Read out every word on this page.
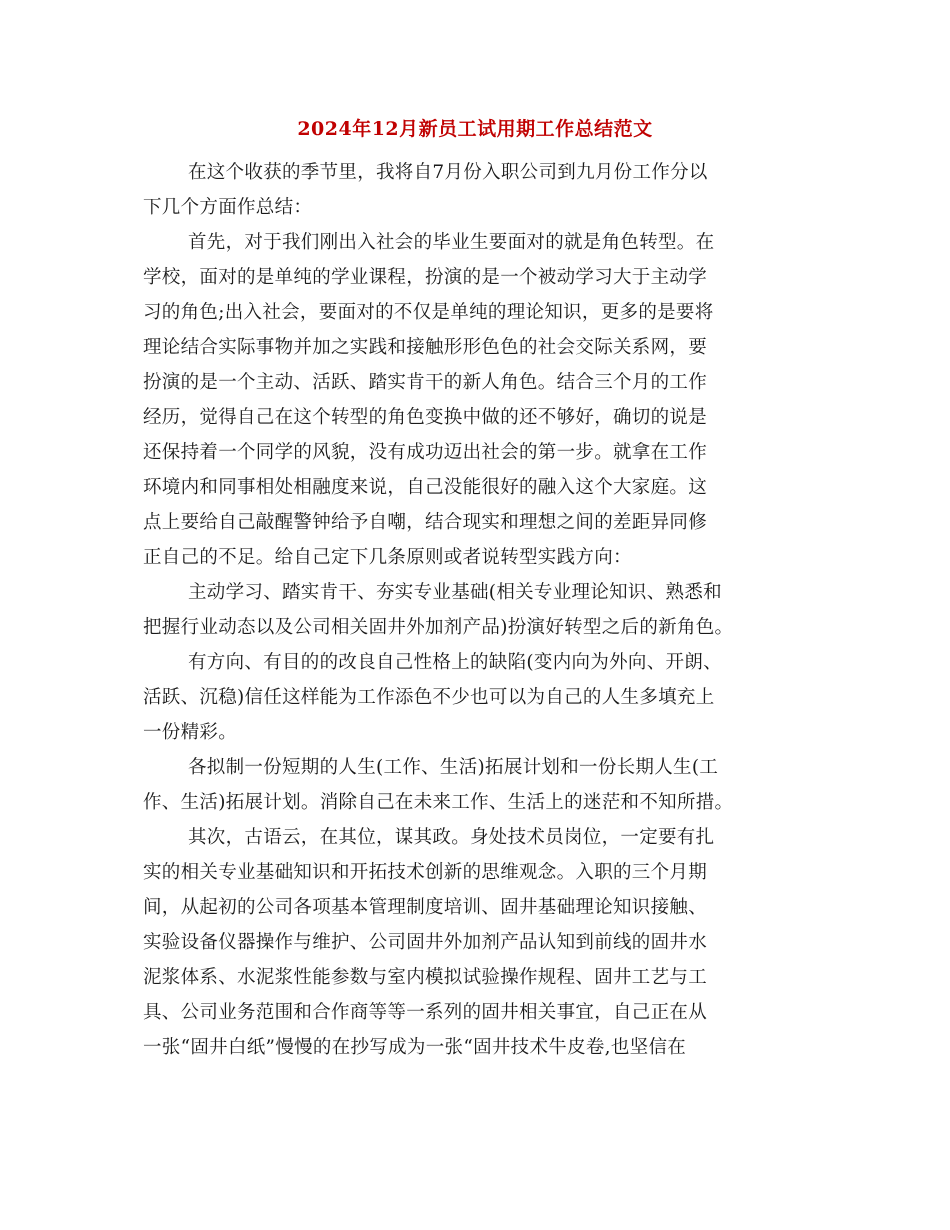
2024年12月新员工试用期工作总结范文
在这个收获的季节里，我将自7月份入职公司到九月份工作分以
下几个方面作总结：
首先，对于我们刚出入社会的毕业生要面对的就是角色转型。在
学校，面对的是单纯的学业课程，扮演的是一个被动学习大于主动学
习的角色;出入社会，要面对的不仅是单纯的理论知识，更多的是要将
理论结合实际事物并加之实践和接触形形色色的社会交际关系网，要
扮演的是一个主动、活跃、踏实肯干的新人角色。结合三个月的工作
经历，觉得自己在这个转型的角色变换中做的还不够好，确切的说是
还保持着一个同学的风貌，没有成功迈出社会的第一步。就拿在工作
环境内和同事相处相融度来说，自己没能很好的融入这个大家庭。这
点上要给自己敲醒警钟给予自嘲，结合现实和理想之间的差距异同修
正自己的不足。给自己定下几条原则或者说转型实践方向：
主动学习、踏实肯干、夯实专业基础(相关专业理论知识、熟悉和
把握行业动态以及公司相关固井外加剂产品)扮演好转型之后的新角色。
有方向、有目的的改良自己性格上的缺陷(变内向为外向、开朗、
活跃、沉稳)信任这样能为工作添色不少也可以为自己的人生多填充上
一份精彩。
各拟制一份短期的人生(工作、生活)拓展计划和一份长期人生(工
作、生活)拓展计划。消除自己在未来工作、生活上的迷茫和不知所措。
其次，古语云，在其位，谋其政。身处技术员岗位，一定要有扎
实的相关专业基础知识和开拓技术创新的思维观念。入职的三个月期
间，从起初的公司各项基本管理制度培训、固井基础理论知识接触、
实验设备仪器操作与维护、公司固井外加剂产品认知到前线的固井水
泥浆体系、水泥浆性能参数与室内模拟试验操作规程、固井工艺与工
具、公司业务范围和合作商等等一系列的固井相关事宜，自己正在从
一张“固井白纸”慢慢的在抄写成为一张“固井技术牛皮卷,也坚信在
